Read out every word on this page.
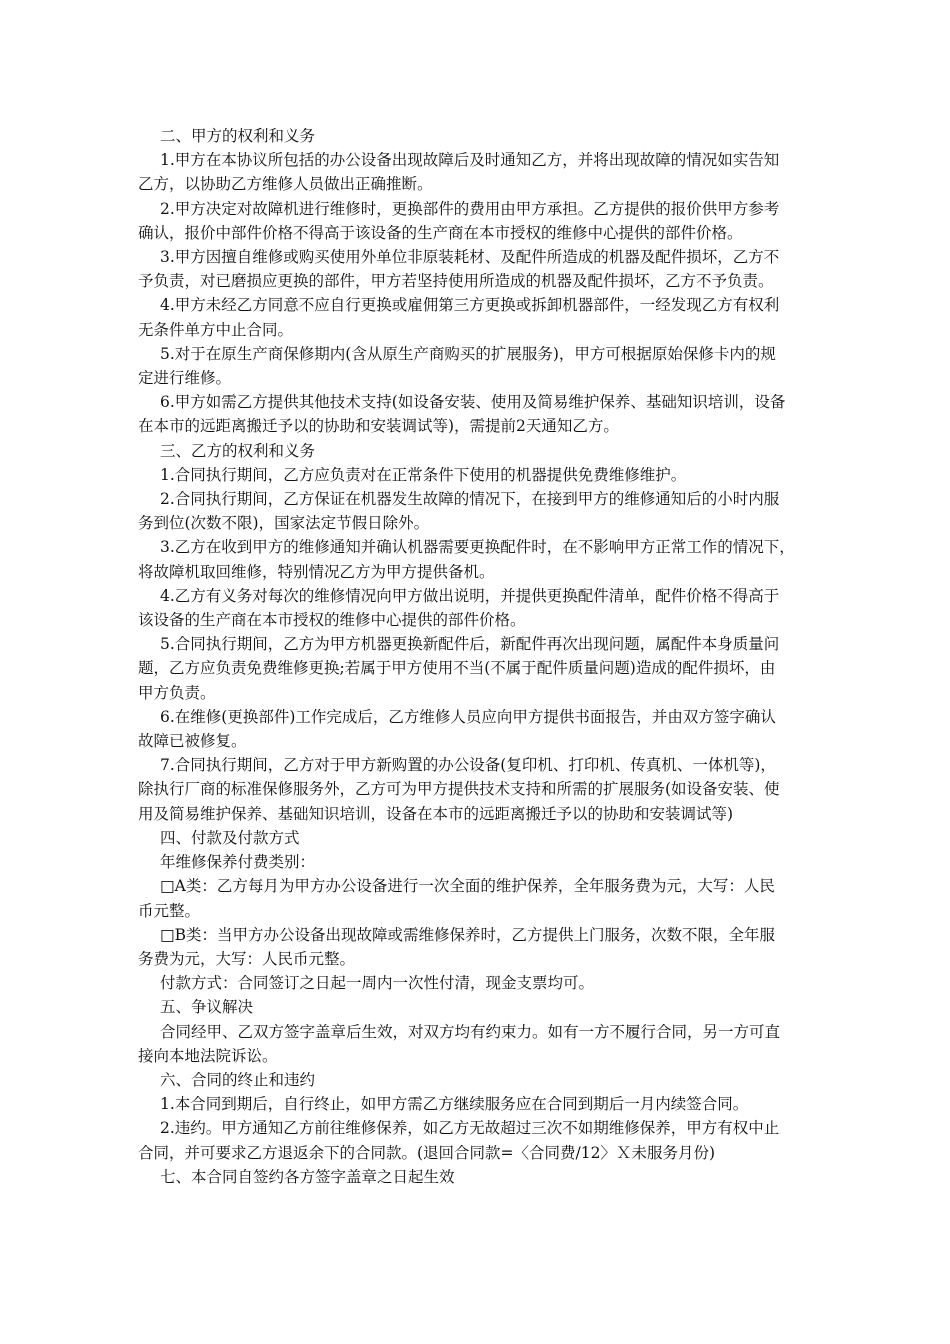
二、甲方的权利和义务
1.甲方在本协议所包括的办公设备出现故障后及时通知乙方，并将出现故障的情况如实告知
乙方，以协助乙方维修人员做出正确推断。
2.甲方决定对故障机进行维修时，更换部件的费用由甲方承担。乙方提供的报价供甲方参考
确认，报价中部件价格不得高于该设备的生产商在本市授权的维修中心提供的部件价格。
3.甲方因擅自维修或购买使用外单位非原装耗材、及配件所造成的机器及配件损坏，乙方不
予负责，对已磨损应更换的部件，甲方若坚持使用所造成的机器及配件损坏，乙方不予负责。
4.甲方未经乙方同意不应自行更换或雇佣第三方更换或拆卸机器部件，一经发现乙方有权利
无条件单方中止合同。
5.对于在原生产商保修期内(含从原生产商购买的扩展服务)，甲方可根据原始保修卡内的规
定进行维修。
6.甲方如需乙方提供其他技术支持(如设备安装、使用及简易维护保养、基础知识培训，设备
在本市的远距离搬迁予以的协助和安装调试等)，需提前2天通知乙方。
三、乙方的权利和义务
1.合同执行期间，乙方应负责对在正常条件下使用的机器提供免费维修维护。
2.合同执行期间，乙方保证在机器发生故障的情况下，在接到甲方的维修通知后的小时内服
务到位(次数不限)，国家法定节假日除外。
3.乙方在收到甲方的维修通知并确认机器需要更换配件时，在不影响甲方正常工作的情况下，
将故障机取回维修，特别情况乙方为甲方提供备机。
4.乙方有义务对每次的维修情况向甲方做出说明，并提供更换配件清单，配件价格不得高于
该设备的生产商在本市授权的维修中心提供的部件价格。
5.合同执行期间，乙方为甲方机器更换新配件后，新配件再次出现问题，属配件本身质量问
题，乙方应负责免费维修更换;若属于甲方使用不当(不属于配件质量问题)造成的配件损坏，由
甲方负责。
6.在维修(更换部件)工作完成后，乙方维修人员应向甲方提供书面报告，并由双方签字确认
故障已被修复。
7.合同执行期间，乙方对于甲方新购置的办公设备(复印机、打印机、传真机、一体机等)，
除执行厂商的标准保修服务外，乙方可为甲方提供技术支持和所需的扩展服务(如设备安装、使
用及简易维护保养、基础知识培训，设备在本市的远距离搬迁予以的协助和安装调试等)
四、付款及付款方式
年维修保养付费类别：
□A类：乙方每月为甲方办公设备进行一次全面的维护保养，全年服务费为元，大写：人民
币元整。
□B类：当甲方办公设备出现故障或需维修保养时，乙方提供上门服务，次数不限，全年服
务费为元，大写：人民币元整。
付款方式：合同签订之日起一周内一次性付清，现金支票均可。
五、争议解决
合同经甲、乙双方签字盖章后生效，对双方均有约束力。如有一方不履行合同，另一方可直
接向本地法院诉讼。
六、合同的终止和违约
1.本合同到期后，自行终止，如甲方需乙方继续服务应在合同到期后一月内续签合同。
2.违约。甲方通知乙方前往维修保养，如乙方无故超过三次不如期维修保养，甲方有权中止
合同，并可要求乙方退返余下的合同款。(退回合同款=〈合同费/12〉Ｘ未服务月份)
七、本合同自签约各方签字盖章之日起生效
